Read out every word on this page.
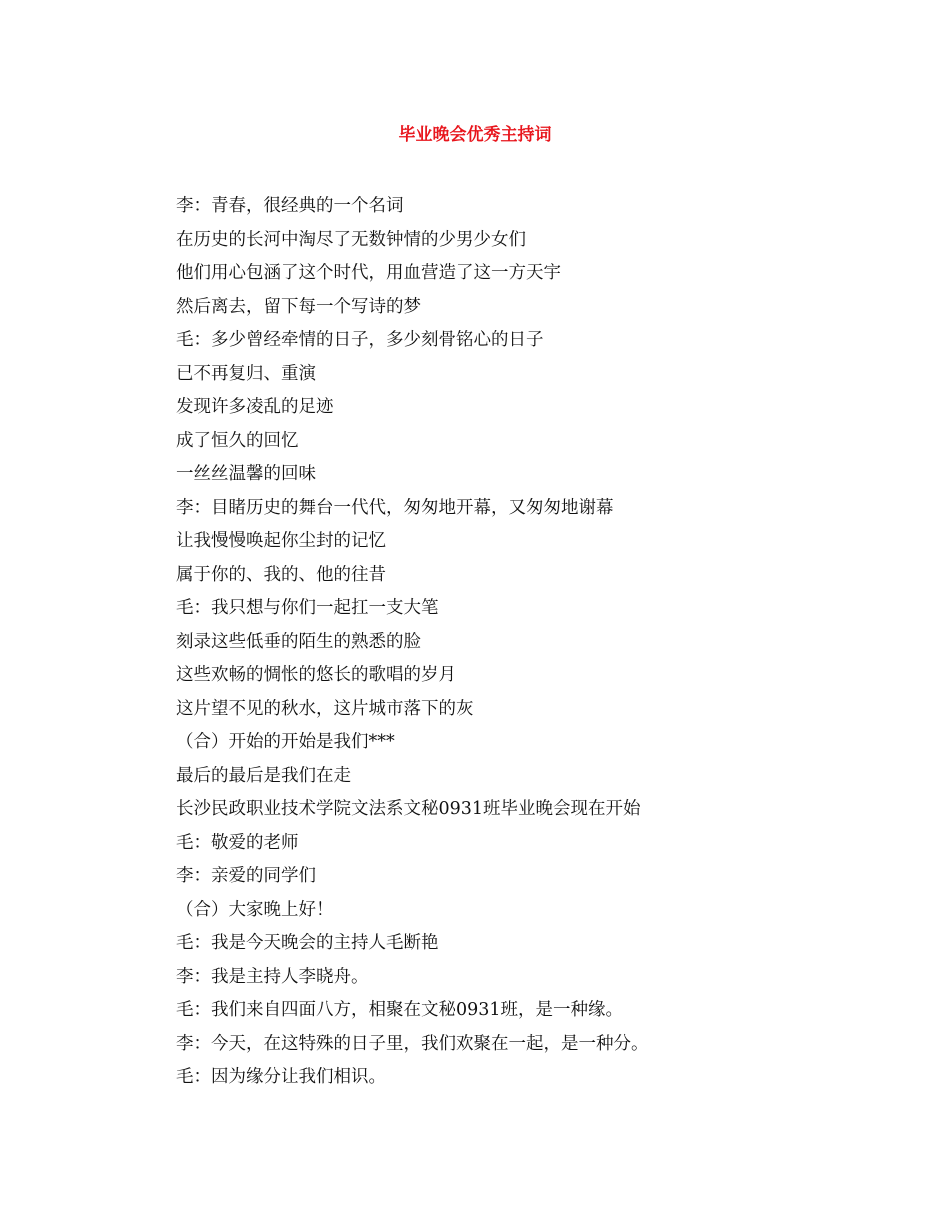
毕业晚会优秀主持词
李：青春，很经典的一个名词
在历史的长河中淘尽了无数钟情的少男少女们
他们用心包涵了这个时代，用血营造了这一方天宇
然后离去，留下每一个写诗的梦
毛：多少曾经牵情的日子，多少刻骨铭心的日子
已不再复归、重演
发现许多凌乱的足迹
成了恒久的回忆
一丝丝温馨的回味
李：目睹历史的舞台一代代，匆匆地开幕，又匆匆地谢幕
让我慢慢唤起你尘封的记忆
属于你的、我的、他的往昔
毛：我只想与你们一起扛一支大笔
刻录这些低垂的陌生的熟悉的脸
这些欢畅的惆怅的悠长的歌唱的岁月
这片望不见的秋水，这片城市落下的灰
（合）开始的开始是我们***
最后的最后是我们在走
长沙民政职业技术学院文法系文秘0931班毕业晚会现在开始
毛：敬爱的老师
李：亲爱的同学们
（合）大家晚上好！
毛：我是今天晚会的主持人毛断艳
李：我是主持人李晓舟。
毛：我们来自四面八方，相聚在文秘0931班，是一种缘。
李：今天，在这特殊的日子里，我们欢聚在一起，是一种分。
毛：因为缘分让我们相识。
